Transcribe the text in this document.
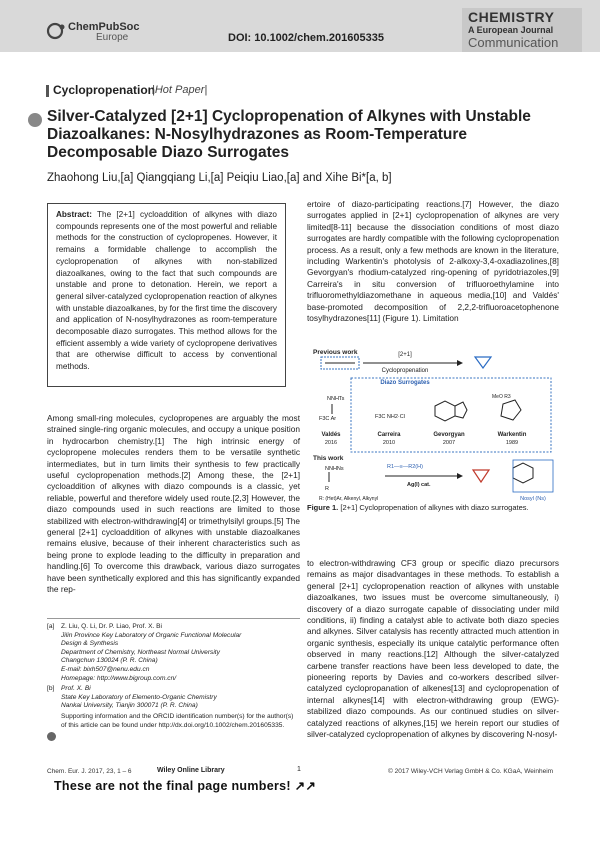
ChemPubSoc
Europe	DOI: 10.1002/chem.201605335
CHEMISTRY
A European Journal
Communication
Cyclopropenation
|Hot Paper|
Silver-Catalyzed [2+1] Cyclopropenation of Alkynes with Unstable Diazoalkanes: N-Nosylhydrazones as Room-Temperature Decomposable Diazo Surrogates
Zhaohong Liu,[a] Qiangqiang Li,[a] Peiqiu Liao,[a] and Xihe Bi*[a, b]
Abstract: The [2+1] cycloaddition of alkynes with diazo compounds represents one of the most powerful and reliable methods for the construction of cyclopropenes. However, it remains a formidable challenge to accomplish the cyclopropenation of alkynes with non-stabilized diazoalkanes, owing to the fact that such compounds are unstable and prone to detonation. Herein, we report a general silver-catalyzed cyclopropenation reaction of alkynes with unstable diazoalkanes, by for the first time the discovery and application of N-nosylhydrazones as room-temperature decomposable diazo surrogates. This method allows for the efficient assembly a wide variety of cyclopropene derivatives that are otherwise difficult to access by conventional methods.
Among small-ring molecules, cyclopropenes are arguably the most strained single-ring organic molecules, and occupy a unique position in hydrocarbon chemistry.[1] The high intrinsic energy of cyclopropene molecules renders them to be versatile synthetic intermediates, but in turn limits their synthesis to few practically useful cyclopropenation methods.[2] Among these, the [2+1] cycloaddition of alkynes with diazo compounds is a classic, yet reliable, powerful and therefore widely used route.[2,3] However, the diazo compounds used in such reactions are limited to those stabilized with electron-withdrawing[4] or trimethylsilyl groups.[5] The general [2+1] cycloaddition of alkynes with unstable diazoalkanes remains elusive, because of their inherent characteristics such as being prone to explode leading to the difficulty in preparation and handling.[6] To overcome this drawback, various diazo surrogates have been synthetically explored and this has significantly expanded the rep-
ertoire of diazo-participating reactions.[7] However, the diazo surrogates applied in [2+1] cyclopropenation of alkynes are very limited[8-11] because the dissociation conditions of most diazo surrogates are hardly compatible with the following cyclopropenation process. As a result, only a few methods are known in the literature, including Warkentin's photolysis of 2-alkoxy-3,4-oxadiazolines,[8] Gevorgyan's rhodium-catalyzed ring-opening of pyridotriazoles,[9] Carreira's in situ conversion of trifluoroethylamine into trifluoromethyldiazomethane in aqueous media,[10] and Valdés' base-promoted decomposition of 2,2,2-trifluoroacetophenone tosylhydrazones[11] (Figure 1). Limitation
Previous work	[2+1]
Cyclopropenation
Diazo Surrogates
NNHTs
F3C Ar	F3C NH2·Cl
MeO R3
Valdés
2016
Carreira
2010
Gevorgyan
2007
Warkentin
1989
This work
NNHNs
R
R1—≡—R2(H)
Ag(I) cat.
R: (Het)Ar, Alkenyl, Alkynyl	Nosyl (Ns)
Figure 1. [2+1] Cyclopropenation of alkynes with diazo surrogates.
to electron-withdrawing CF3 group or specific diazo precursors remains as major disadvantages in these methods. To establish a general [2+1] cyclopropenation reaction of alkynes with unstable diazoalkanes, two issues must be overcome simultaneously, i) discovery of a diazo surrogate capable of dissociating under mild conditions, ii) finding a catalyst able to activate both diazo species and alkynes. Silver catalysis has recently attracted much attention in organic synthesis, especially its unique catalytic performance often observed in many reactions.[12] Although the silver-catalyzed carbene transfer reactions have been less developed to date, the pioneering reports by Davies and co-workers described silver-catalyzed cyclopropanation of alkenes[13] and cyclopropenation of internal alkynes[14] with electron-withdrawing group (EWG)-stabilized diazo compounds. As our continued studies on silver-catalyzed reactions of alkynes,[15] we herein report our studies of silver-catalyzed cyclopropenation of alkynes by discovering N-nosyl-
[a] Z. Liu, Q. Li, Dr. P. Liao, Prof. X. Bi
Jilin Province Key Laboratory of Organic Functional Molecular
Design & Synthesis
Department of Chemistry, Northeast Normal University
Changchun 130024 (P. R. China)
E-mail: bixh507@nenu.edu.cn
Homepage: http://www.bigroup.com.cn/
[b] Prof. X. Bi
State Key Laboratory of Elemento-Organic Chemistry
Nankai University, Tianjin 300071 (P. R. China)
Supporting information and the ORCID identification number(s) for the author(s) of this article can be found under http://dx.doi.org/10.1002/chem.201605335.
Chem. Eur. J. 2017, 23, 1 – 6	Wiley Online Library	1	© 2017 Wiley-VCH Verlag GmbH & Co. KGaA, Weinheim
These are not the final page numbers! ↗↗
